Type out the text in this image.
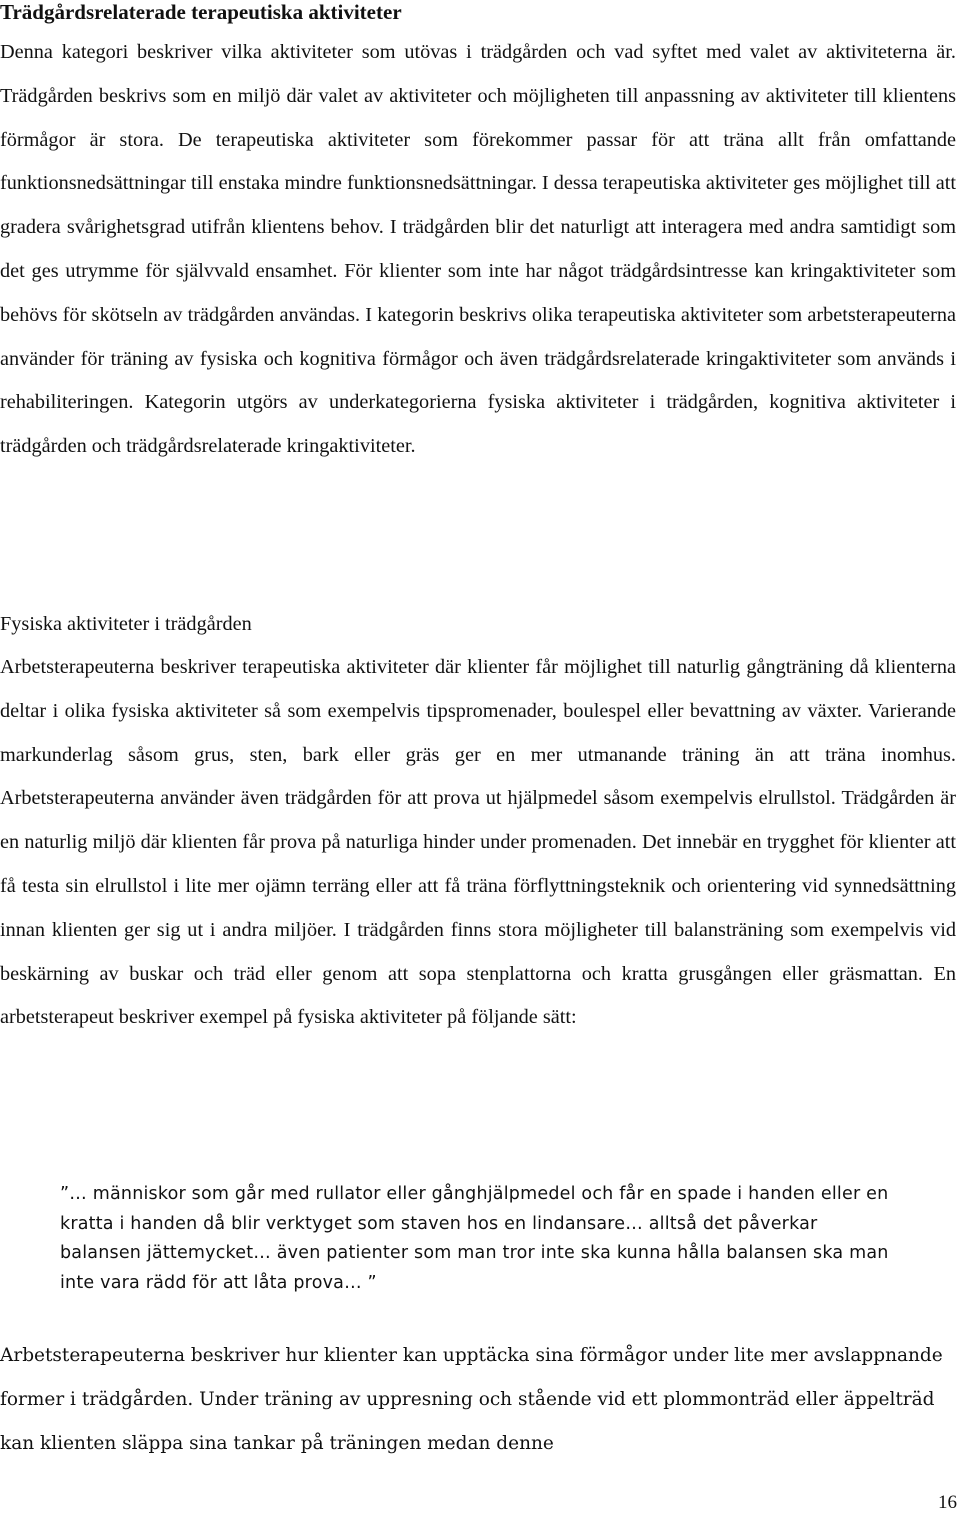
Trädgårdsrelaterade terapeutiska aktiviteter

Denna kategori beskriver vilka aktiviteter som utövas i trädgården och vad syftet med valet av aktiviteterna är. Trädgården beskrivs som en miljö där valet av aktiviteter och möjligheten till anpassning av aktiviteter till klientens förmågor är stora. De terapeutiska aktiviteter som förekommer passar för att träna allt från omfattande funktionsnedsättningar till enstaka mindre funktionsnedsättningar. I dessa terapeutiska aktiviteter ges möjlighet till att gradera svårighetsgrad utifrån klientens behov. I trädgården blir det naturligt att interagera med andra samtidigt som det ges utrymme för självvald ensamhet. För klienter som inte har något trädgårdsintresse kan kringaktiviteter som behövs för skötseln av trädgården användas. I kategorin beskrivs olika terapeutiska aktiviteter som arbetsterapeuterna använder för träning av fysiska och kognitiva förmågor och även trädgårdsrelaterade kringaktiviteter som används i rehabiliteringen. Kategorin utgörs av underkategorierna fysiska aktiviteter i trädgården, kognitiva aktiviteter i trädgården och trädgårdsrelaterade kringaktiviteter.

Fysiska aktiviteter i trädgården

Arbetsterapeuterna beskriver terapeutiska aktiviteter där klienter får möjlighet till naturlig gångträning då klienterna deltar i olika fysiska aktiviteter så som exempelvis tipspromenader, boulespel eller bevattning av växter. Varierande markunderlag såsom grus, sten, bark eller gräs ger en mer utmanande träning än att träna inomhus. Arbetsterapeuterna använder även trädgården för att prova ut hjälpmedel såsom exempelvis elrullstol. Trädgården är en naturlig miljö där klienten får prova på naturliga hinder under promenaden. Det innebär en trygghet för klienter att få testa sin elrullstol i lite mer ojämn terräng eller att få träna förflyttningsteknik och orientering vid synnedsättning innan klienten ger sig ut i andra miljöer. I trädgården finns stora möjligheter till balansträning som exempelvis vid beskärning av buskar och träd eller genom att sopa stenplattorna och kratta grusgången eller gräsmattan. En arbetsterapeut beskriver exempel på fysiska aktiviteter på följande sätt:

”… människor som går med rullator eller gånghjälpmedel och får en spade i handen eller en kratta i handen då blir verktyget som staven hos en lindansare… alltså det påverkar balansen jättemycket… även patienter som man tror inte ska kunna hålla balansen ska man inte vara rädd för att låta prova… ”

Arbetsterapeuterna beskriver hur klienter kan upptäcka sina förmågor under lite mer avslappnande former i trädgården. Under träning av uppresning och stående vid ett plommonträd eller äppelträd kan klienten släppa sina tankar på träningen medan denne

16
